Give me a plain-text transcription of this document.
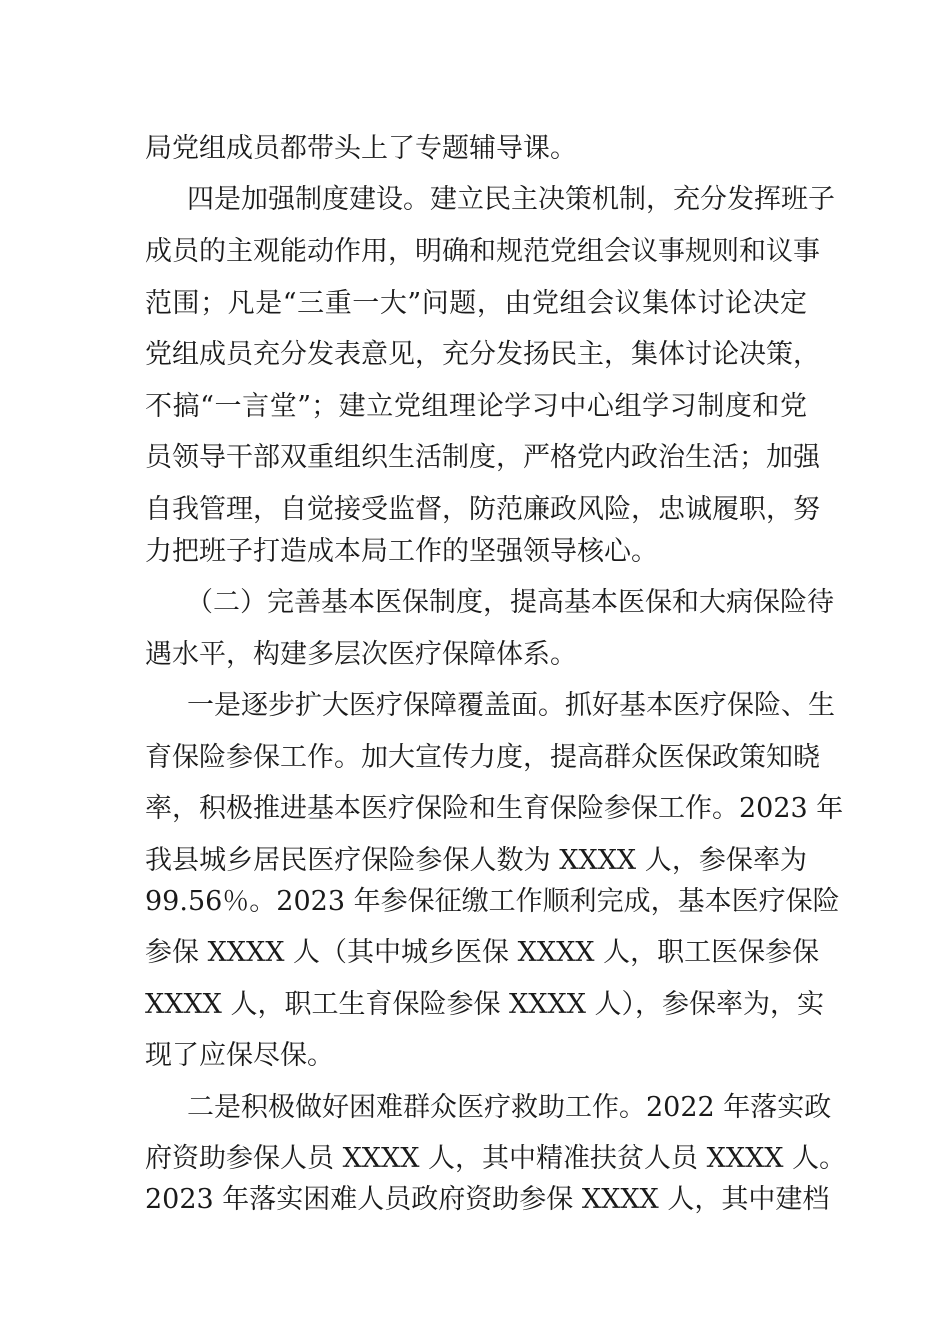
局党组成员都带头上了专题辅导课。
四是加强制度建设。建立民主决策机制，充分发挥班子
成员的主观能动作用，明确和规范党组会议事规则和议事
范围；凡是“三重一大”问题，由党组会议集体讨论决定
党组成员充分发表意见，充分发扬民主，集体讨论决策，
不搞“一言堂”；建立党组理论学习中心组学习制度和党
员领导干部双重组织生活制度，严格党内政治生活；加强
自我管理，自觉接受监督，防范廉政风险，忠诚履职，努
力把班子打造成本局工作的坚强领导核心。
（二）完善基本医保制度，提高基本医保和大病保险待
遇水平，构建多层次医疗保障体系。
一是逐步扩大医疗保障覆盖面。抓好基本医疗保险、生
育保险参保工作。加大宣传力度，提高群众医保政策知晓
率，积极推进基本医疗保险和生育保险参保工作。2023 年
我县城乡居民医疗保险参保人数为 XXXX 人，参保率为
99.56％。2023 年参保征缴工作顺利完成，基本医疗保险
参保 XXXX 人（其中城乡医保 XXXX 人，职工医保参保
XXXX 人，职工生育保险参保 XXXX 人），参保率为，实
现了应保尽保。
二是积极做好困难群众医疗救助工作。2022 年落实政
府资助参保人员 XXXX 人，其中精准扶贫人员 XXXX 人。
2023 年落实困难人员政府资助参保 XXXX 人，其中建档
